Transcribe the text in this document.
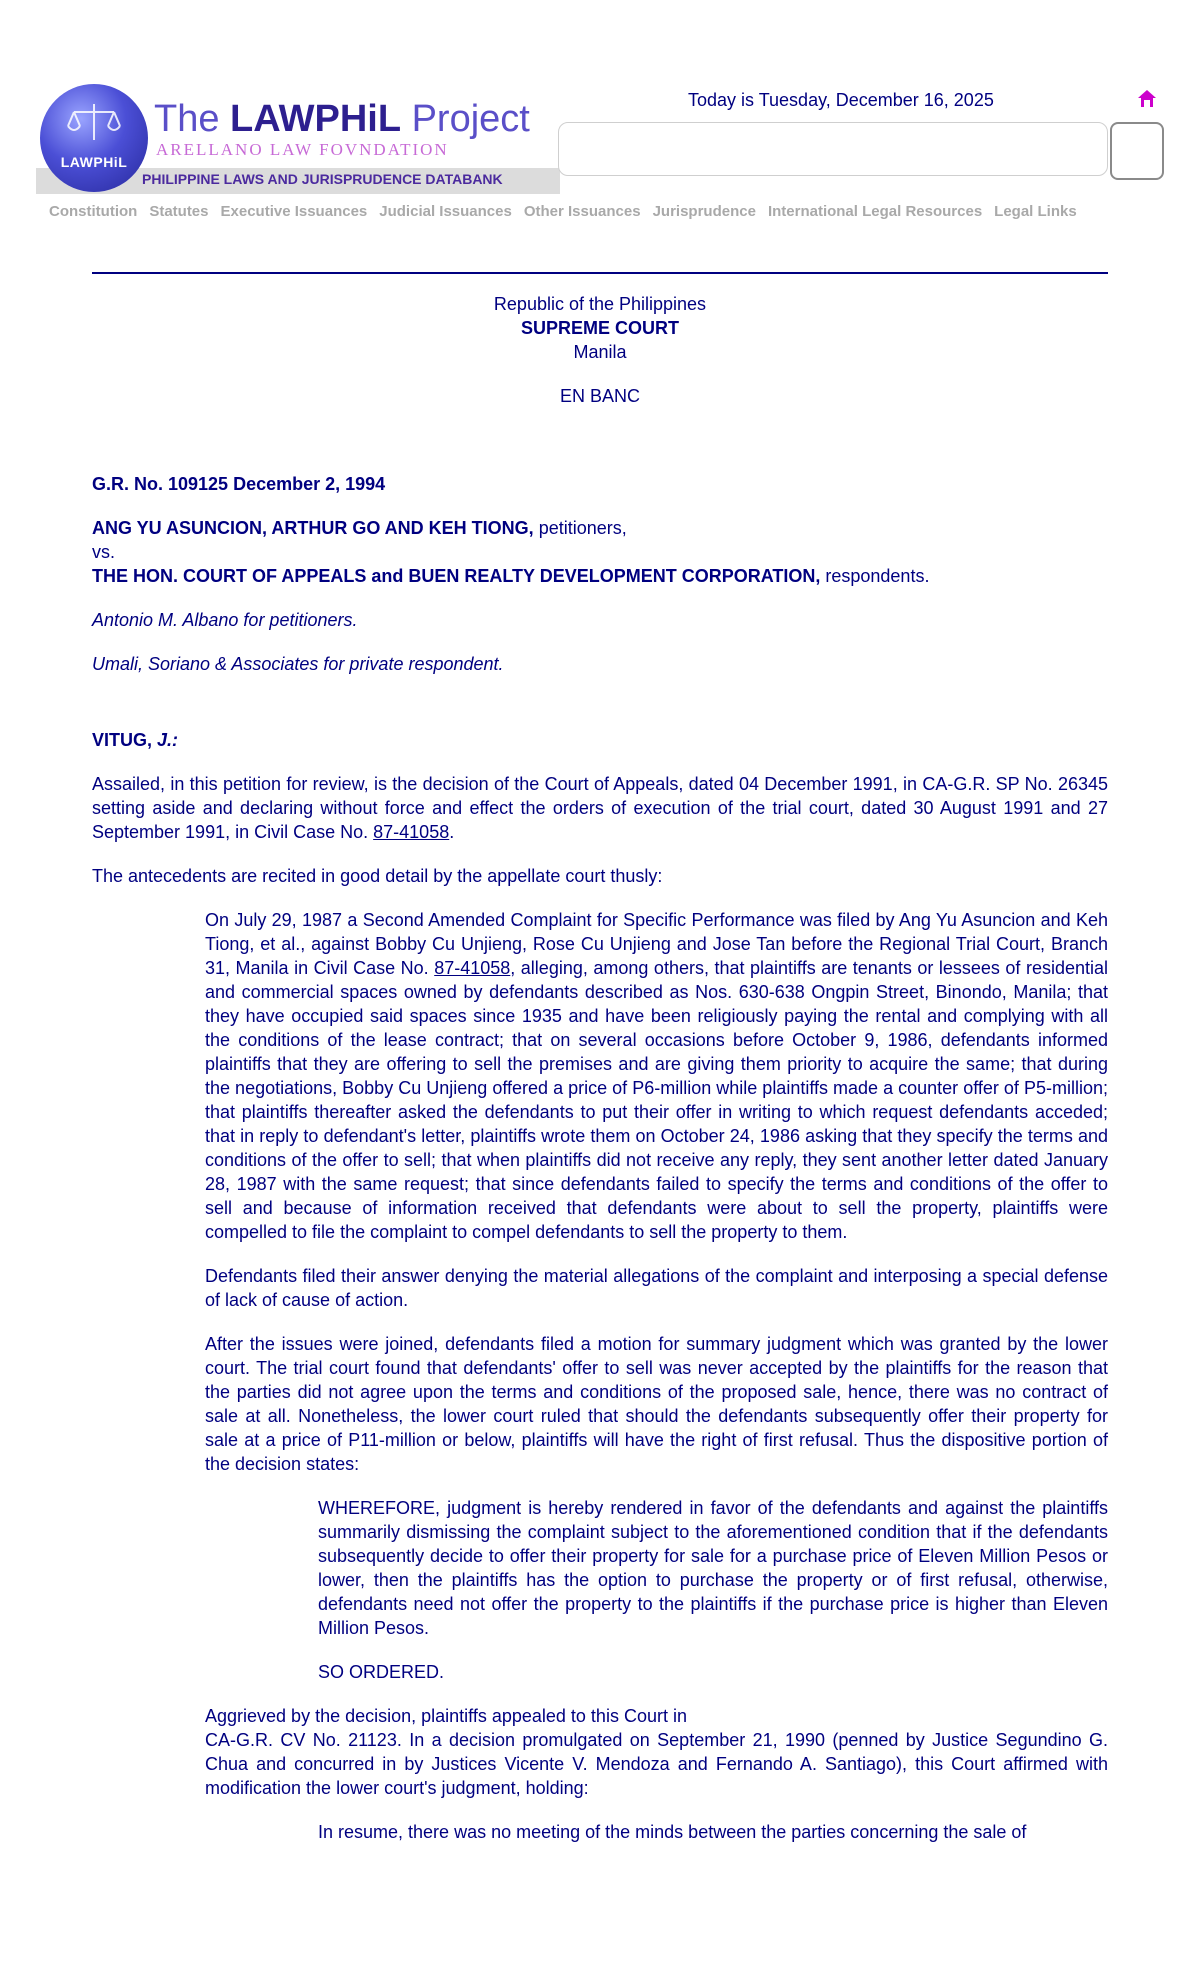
LAWPHiL
The LAWPHiL Project
ARELLANO LAW FOVNDATION
PHILIPPINE LAWS AND JURISPRUDENCE DATABANK
Today is Tuesday, December 16, 2025
Constitution Statutes Executive Issuances Judicial Issuances Other Issuances Jurisprudence International Legal Resources Legal Links
Republic of the Philippines
SUPREME COURT
Manila

EN BANC

G.R. No. 109125 December 2, 1994

ANG YU ASUNCION, ARTHUR GO AND KEH TIONG, petitioners,
vs.
THE HON. COURT OF APPEALS and BUEN REALTY DEVELOPMENT CORPORATION, respondents.

Antonio M. Albano for petitioners.

Umali, Soriano & Associates for private respondent.

VITUG, J.:

Assailed, in this petition for review, is the decision of the Court of Appeals, dated 04 December 1991, in CA-G.R. SP No. 26345 setting aside and declaring without force and effect the orders of execution of the trial court, dated 30 August 1991 and 27 September 1991, in Civil Case No. 87-41058.

The antecedents are recited in good detail by the appellate court thusly:

On July 29, 1987 a Second Amended Complaint for Specific Performance was filed by Ang Yu Asuncion and Keh Tiong, et al., against Bobby Cu Unjieng, Rose Cu Unjieng and Jose Tan before the Regional Trial Court, Branch 31, Manila in Civil Case No. 87-41058, alleging, among others, that plaintiffs are tenants or lessees of residential and commercial spaces owned by defendants described as Nos. 630-638 Ongpin Street, Binondo, Manila; that they have occupied said spaces since 1935 and have been religiously paying the rental and complying with all the conditions of the lease contract; that on several occasions before October 9, 1986, defendants informed plaintiffs that they are offering to sell the premises and are giving them priority to acquire the same; that during the negotiations, Bobby Cu Unjieng offered a price of P6-million while plaintiffs made a counter offer of P5-million; that plaintiffs thereafter asked the defendants to put their offer in writing to which request defendants acceded; that in reply to defendant's letter, plaintiffs wrote them on October 24, 1986 asking that they specify the terms and conditions of the offer to sell; that when plaintiffs did not receive any reply, they sent another letter dated January 28, 1987 with the same request; that since defendants failed to specify the terms and conditions of the offer to sell and because of information received that defendants were about to sell the property, plaintiffs were compelled to file the complaint to compel defendants to sell the property to them.

Defendants filed their answer denying the material allegations of the complaint and interposing a special defense of lack of cause of action.

After the issues were joined, defendants filed a motion for summary judgment which was granted by the lower court. The trial court found that defendants' offer to sell was never accepted by the plaintiffs for the reason that the parties did not agree upon the terms and conditions of the proposed sale, hence, there was no contract of sale at all. Nonetheless, the lower court ruled that should the defendants subsequently offer their property for sale at a price of P11-million or below, plaintiffs will have the right of first refusal. Thus the dispositive portion of the decision states:

WHEREFORE, judgment is hereby rendered in favor of the defendants and against the plaintiffs summarily dismissing the complaint subject to the aforementioned condition that if the defendants subsequently decide to offer their property for sale for a purchase price of Eleven Million Pesos or lower, then the plaintiffs has the option to purchase the property or of first refusal, otherwise, defendants need not offer the property to the plaintiffs if the purchase price is higher than Eleven Million Pesos.

SO ORDERED.

Aggrieved by the decision, plaintiffs appealed to this Court in
CA-G.R. CV No. 21123. In a decision promulgated on September 21, 1990 (penned by Justice Segundino G. Chua and concurred in by Justices Vicente V. Mendoza and Fernando A. Santiago), this Court affirmed with modification the lower court's judgment, holding:

In resume, there was no meeting of the minds between the parties concerning the sale of
